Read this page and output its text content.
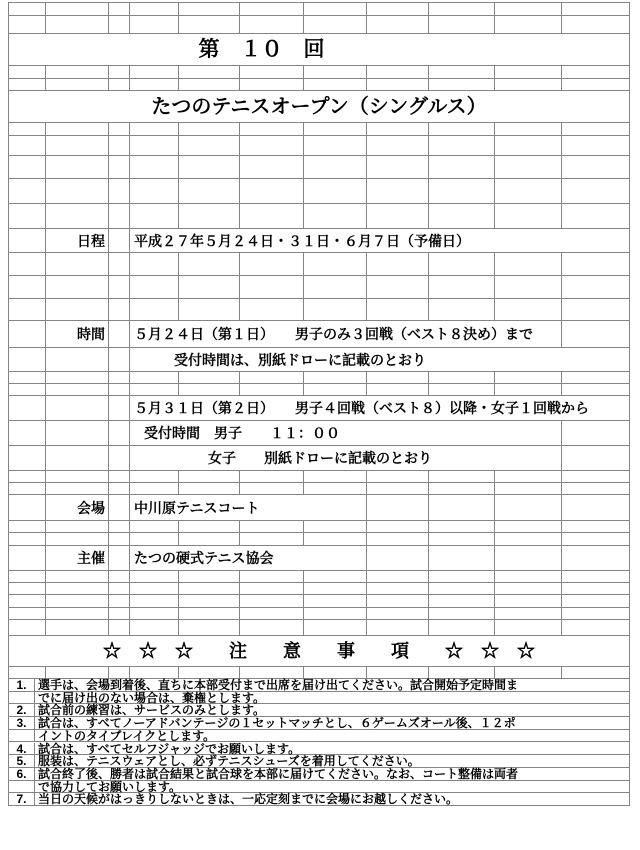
第　１０　回
たつのテニスオープン（シングルス）
日程 平成２７年５月２４日・３１日・６月７日（予備日）
時間 ５月２４日（第１日）　　男子のみ３回戦（ベスト８決め）まで
受付時間は、別紙ドローに記載のとおり
５月３１日（第２日）　　男子４回戦（ベスト８）以降・女子１回戦から
受付時間　男子　　１１：００
女子　　別紙ドローに記載のとおり
会場 中川原テニスコート
主催 たつの硬式テニス協会
☆　☆　☆　　注　　意　　事　　項　　☆　☆　☆
1. 選手は、会場到着後、直ちに本部受付まで出席を届け出てください。試合開始予定時間ま
でに届け出のない場合は、棄権とします。
2. 試合前の練習は、サービスのみとします。
3. 試合は、すべてノーアドバンテージの１セットマッチとし、６ゲームズオール後、１２ポ
イントのタイブレイクとします。
4. 試合は、すべてセルフジャッジでお願いします。
5. 服装は、テニスウェアとし、必ずテニスシューズを着用してください。
6. 試合終了後、勝者は試合結果と試合球を本部に届けてください。なお、コート整備は両者
で協力してお願いします。
7. 当日の天候がはっきりしないときは、一応定刻までに会場にお越しください。
